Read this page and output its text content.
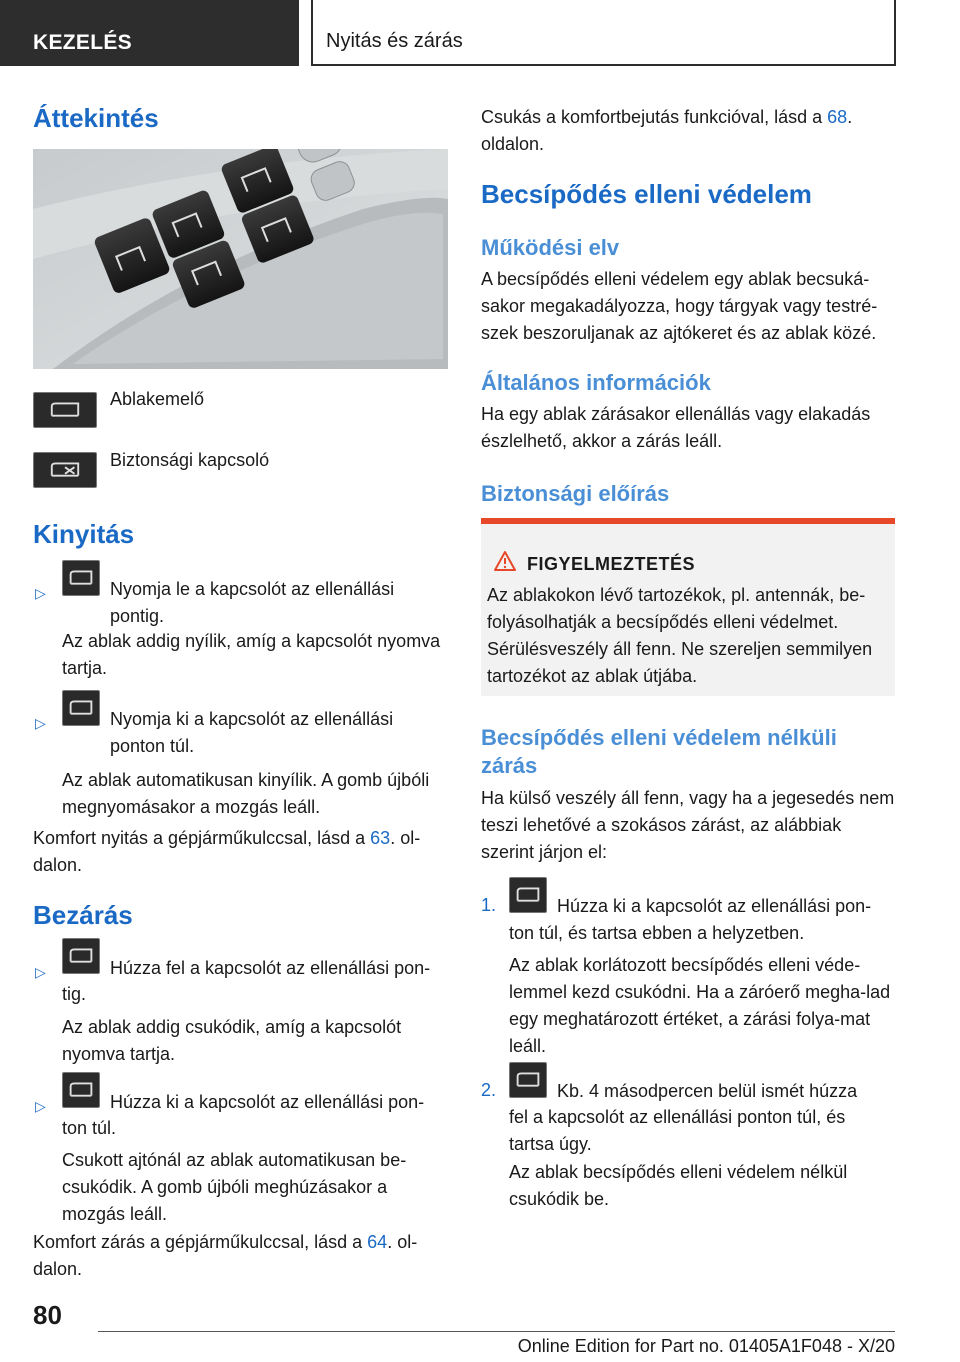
KEZELÉS	Nyitás és zárás
Áttekintés
Ablakemelő
Biztonsági kapcsoló
Kinyitás
▷	Nyomja le a kapcsolót az ellenállási pontig.
Az ablak addig nyílik, amíg a kapcsolót nyomva tartja.
▷	Nyomja ki a kapcsolót az ellenállási ponton túl.
Az ablak automatikusan kinyílik. A gomb újbóli megnyomásakor a mozgás leáll.
Komfort nyitás a gépjárműkulccsal, lásd a 63. ol‐
dalon.
Bezárás
▷	Húzza fel a kapcsolót az ellenállási pon‐
tig.
Az ablak addig csukódik, amíg a kapcsolót nyomva tartja.
▷	Húzza ki a kapcsolót az ellenállási pon‐
ton túl.
Csukott ajtónál az ablak automatikusan be‐csukódik. A gomb újbóli meghúzásakor a mozgás leáll.
Komfort zárás a gépjárműkulccsal, lásd a 64. ol‐
dalon.
Csukás a komfortbejutás funkcióval, lásd a 68.
oldalon.
Becsípődés elleni védelem
Működési elv
A becsípődés elleni védelem egy ablak becsuká‐sakor megakadályozza, hogy tárgyak vagy testré‐szek beszoruljanak az ajtókeret és az ablak közé.
Általános információk
Ha egy ablak zárásakor ellenállás vagy elakadás észlelhető, akkor a zárás leáll.
Biztonsági előírás
FIGYELMEZTETÉS
Az ablakokon lévő tartozékok, pl. antennák, be‐folyásolhatják a becsípődés elleni védelmet. Sérülésveszély áll fenn. Ne szereljen semmilyen tartozékot az ablak útjába.
Becsípődés elleni védelem nélküli
zárás
Ha külső veszély áll fenn, vagy ha a jegesedés nem teszi lehetővé a szokásos zárást, az alábbiak szerint járjon el:
1.	Húzza ki a kapcsolót az ellenállási pon‐
ton túl, és tartsa ebben a helyzetben.
Az ablak korlátozott becsípődés elleni véde‐lemmel kezd csukódni. Ha a záróerő megha‐lad egy meghatározott értéket, a zárási folya‐mat leáll.
2.	Kb. 4 másodpercen belül ismét húzza
fel a kapcsolót az ellenállási ponton túl, és tartsa úgy.
Az ablak becsípődés elleni védelem nélkül csukódik be.
80
Online Edition for Part no. 01405A1F048 - X/20
